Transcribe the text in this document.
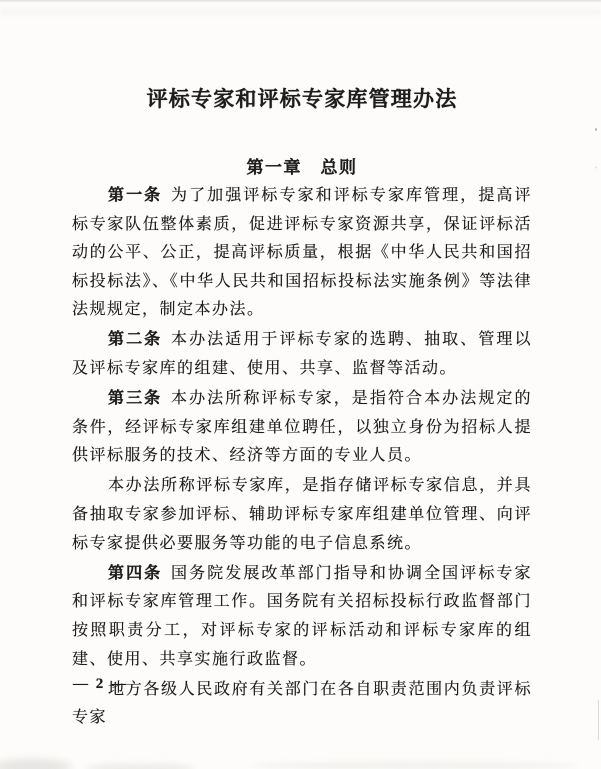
评标专家和评标专家库管理办法
第一章　总则

第一条 为了加强评标专家和评标专家库管理，提高评标专家队伍整体素质，促进评标专家资源共享，保证评标活动的公平、公正，提高评标质量，根据《中华人民共和国招标投标法》、《中华人民共和国招标投标法实施条例》等法律法规规定，制定本办法。

第二条 本办法适用于评标专家的选聘、抽取、管理以及评标专家库的组建、使用、共享、监督等活动。

第三条 本办法所称评标专家，是指符合本办法规定的条件，经评标专家库组建单位聘任，以独立身份为招标人提供评标服务的技术、经济等方面的专业人员。

本办法所称评标专家库，是指存储评标专家信息，并具备抽取专家参加评标、辅助评标专家库组建单位管理、向评标专家提供必要服务等功能的电子信息系统。

第四条 国务院发展改革部门指导和协调全国评标专家和评标专家库管理工作。国务院有关招标投标行政监督部门按照职责分工，对评标专家的评标活动和评标专家库的组建、使用、共享实施行政监督。

地方各级人民政府有关部门在各自职责范围内负责评标专家

— 2 —
